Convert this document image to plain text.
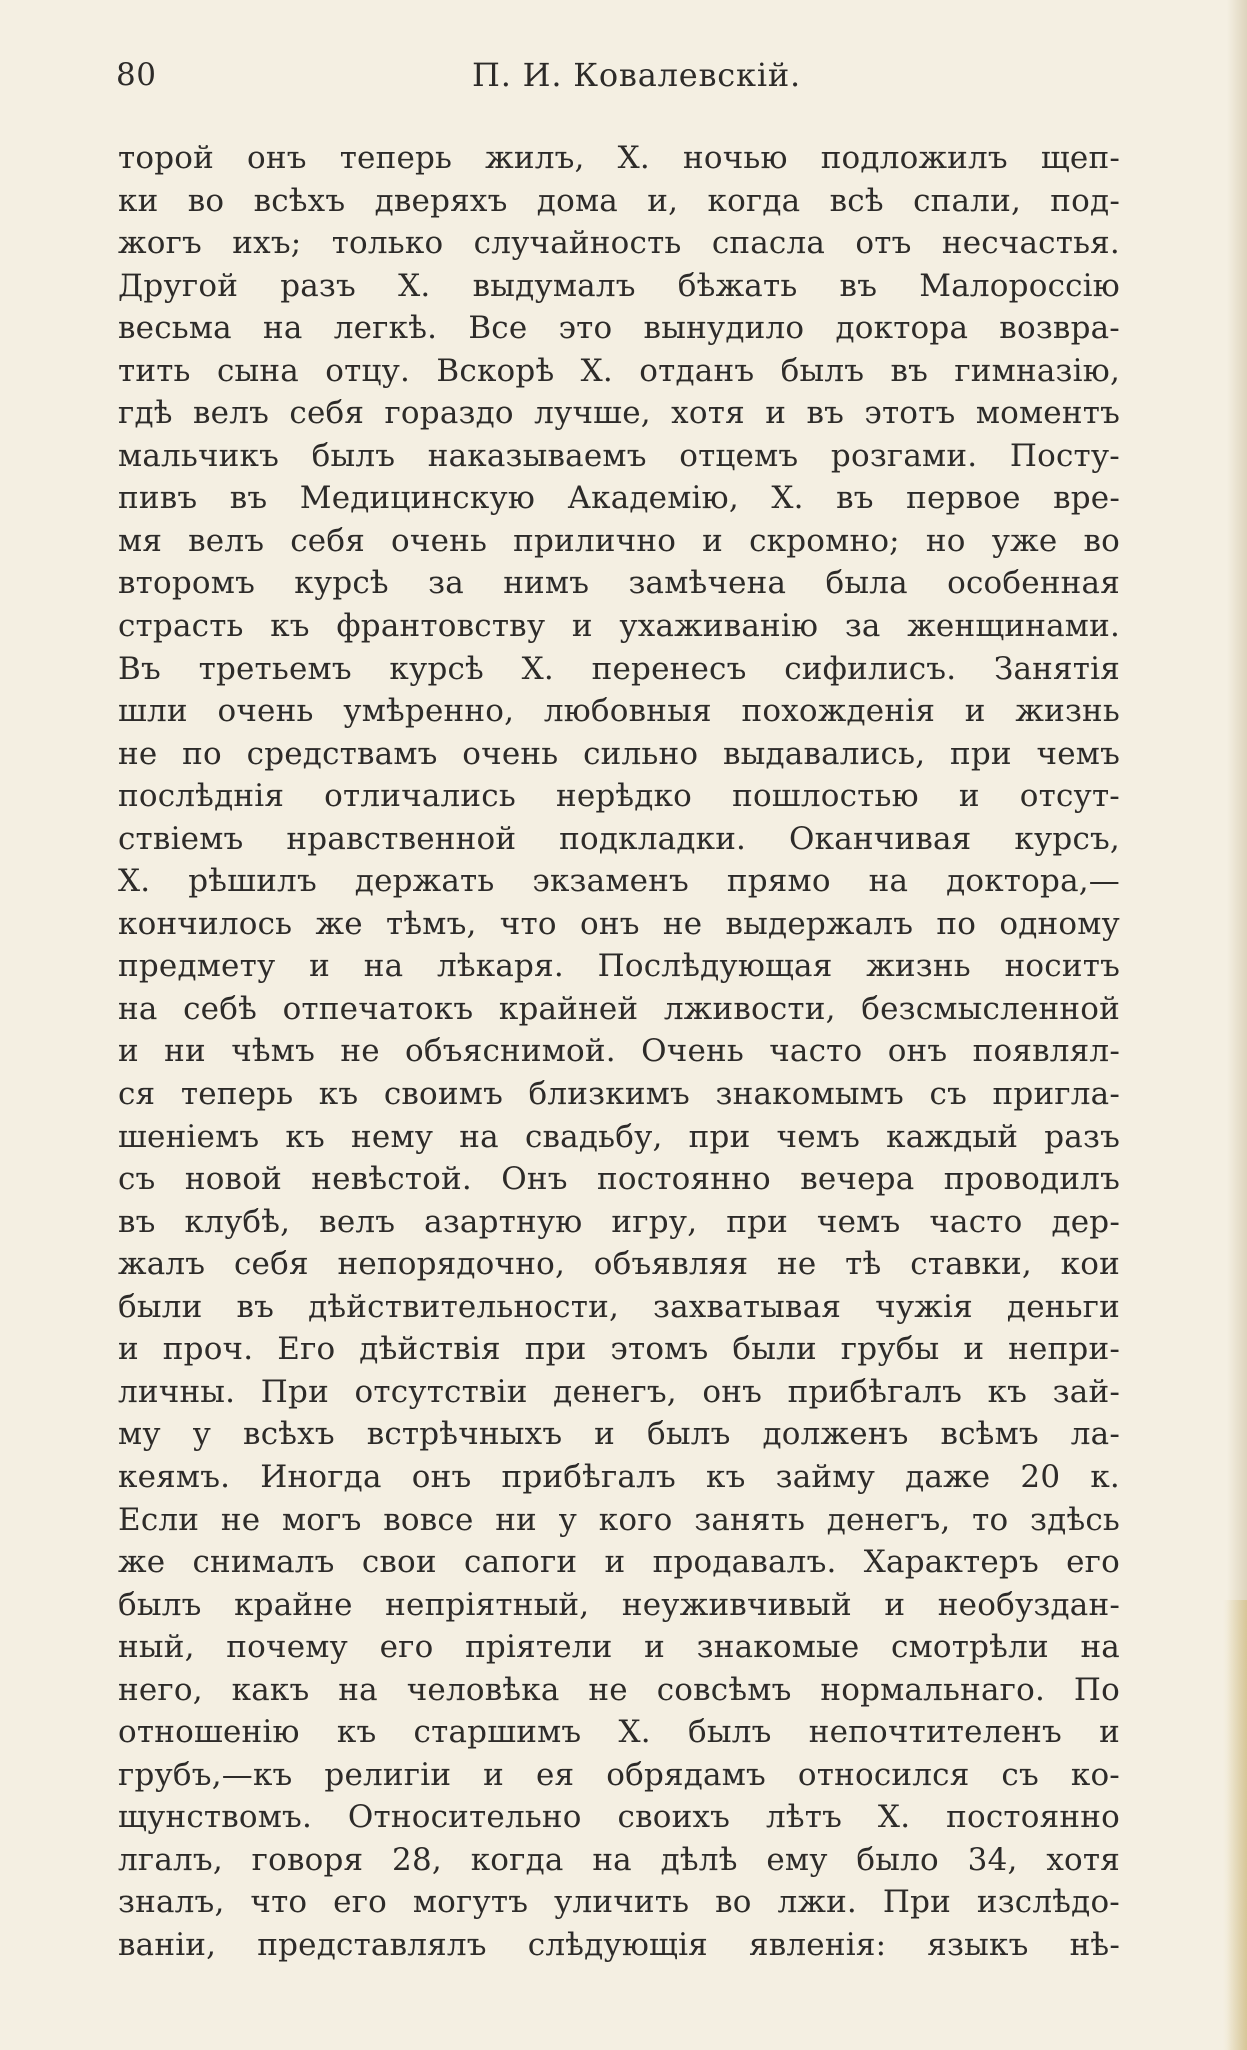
80	П. И. Ковалевскій.
торой онъ теперь жилъ, Х. ночью подложилъ щеп-
ки во всѣхъ дверяхъ дома и, когда всѣ спали, под-
жогъ ихъ; только случайность спасла отъ несчастья.
Другой разъ Х. выдумалъ бѣжать въ Малороссію
весьма на легкѣ. Все это вынудило доктора возвра-
тить сына отцу. Вскорѣ Х. отданъ былъ въ гимназію,
гдѣ велъ себя гораздо лучше, хотя и въ этотъ моментъ
мальчикъ былъ наказываемъ отцемъ розгами. Посту-
пивъ въ Медицинскую Академію, Х. въ первое вре-
мя велъ себя очень прилично и скромно; но уже во
второмъ курсѣ за нимъ замѣчена была особенная
страсть къ франтовству и ухаживанію за женщинами.
Въ третьемъ курсѣ Х. перенесъ сифилисъ. Занятія
шли очень умѣренно, любовныя похожденія и жизнь
не по средствамъ очень сильно выдавались, при чемъ
послѣднія отличались нерѣдко пошлостью и отсут-
ствіемъ нравственной подкладки. Оканчивая курсъ,
Х. рѣшилъ держать экзаменъ прямо на доктора,—
кончилось же тѣмъ, что онъ не выдержалъ по одному
предмету и на лѣкаря. Послѣдующая жизнь носитъ
на себѣ отпечатокъ крайней лживости, безсмысленной
и ни чѣмъ не объяснимой. Очень часто онъ появлял-
ся теперь къ своимъ близкимъ знакомымъ съ пригла-
шеніемъ къ нему на свадьбу, при чемъ каждый разъ
съ новой невѣстой. Онъ постоянно вечера проводилъ
въ клубѣ, велъ азартную игру, при чемъ часто дер-
жалъ себя непорядочно, объявляя не тѣ ставки, кои
были въ дѣйствительности, захватывая чужія деньги
и проч. Его дѣйствія при этомъ были грубы и непри-
личны. При отсутствіи денегъ, онъ прибѣгалъ къ зай-
му у всѣхъ встрѣчныхъ и былъ долженъ всѣмъ ла-
кеямъ. Иногда онъ прибѣгалъ къ займу даже 20 к.
Если не могъ вовсе ни у кого занять денегъ, то здѣсь
же снималъ свои сапоги и продавалъ. Характеръ его
былъ крайне непріятный, неуживчивый и необуздан-
ный, почему его пріятели и знакомые смотрѣли на
него, какъ на человѣка не совсѣмъ нормальнаго. По
отношенію къ старшимъ Х. былъ непочтителенъ и
грубъ,—къ религіи и ея обрядамъ относился съ ко-
щунствомъ. Относительно своихъ лѣтъ Х. постоянно
лгалъ, говоря 28, когда на дѣлѣ ему было 34, хотя
зналъ, что его могутъ уличить во лжи. При изслѣдо-
ваніи, представлялъ слѣдующія явленія: языкъ нѣ-
